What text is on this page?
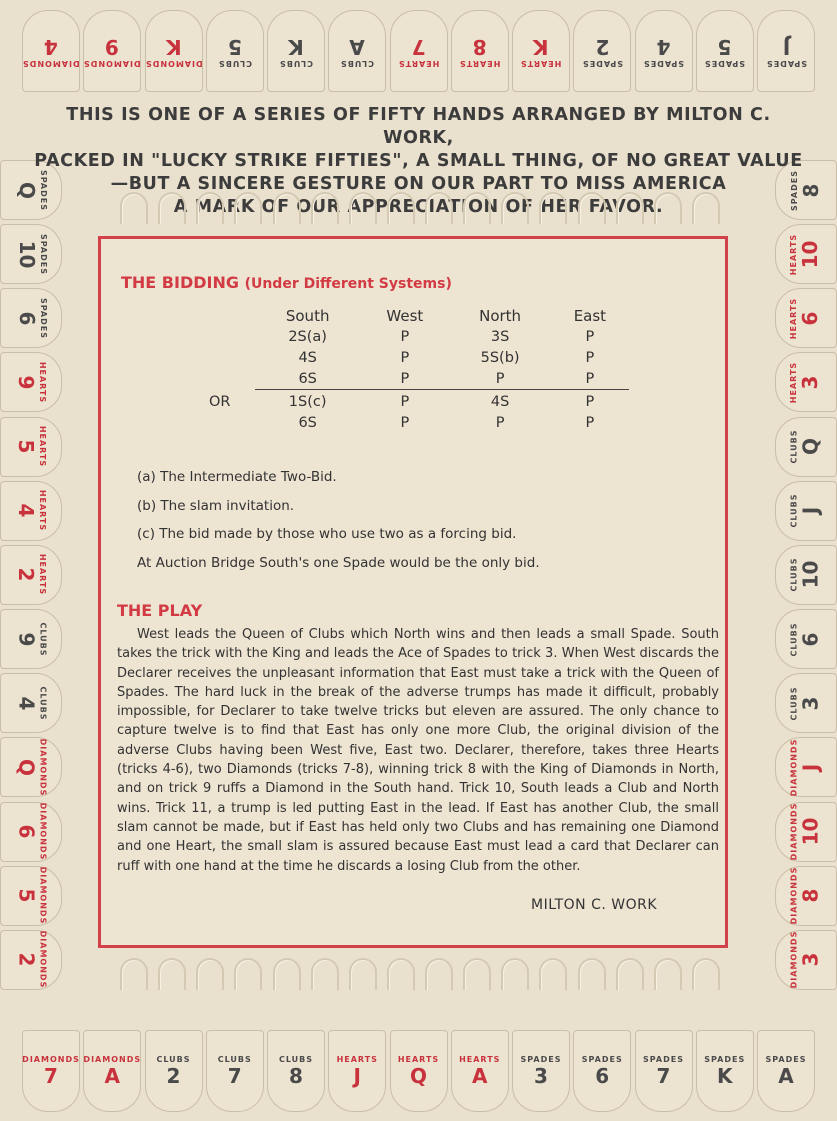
DIAMONDS
4
DIAMONDS
9
DIAMONDS
K
CLUBS
5
CLUBS
K
CLUBS
A
HEARTS
7
HEARTS
8
HEARTS
K
SPADES
2
SPADES
4
SPADES
5
SPADES
J
SPADES
Q
SPADES
10
SPADES
6
HEARTS
9
HEARTS
5
HEARTS
4
HEARTS
2
CLUBS
9
CLUBS
4
DIAMONDS
Q
DIAMONDS
6
DIAMONDS
5
DIAMONDS
2
SPADES 8
HEARTS 10
HEARTS 6
HEARTS 3
CLUBS Q
CLUBS J
CLUBS 10
CLUBS 6
CLUBS 3
DIAMONDS J
DIAMONDS 10
DIAMONDS 8
DIAMONDS 3
DIAMONDS
7
DIAMONDS
A
CLUBS
2
CLUBS
7
CLUBS
8
HEARTS
J
HEARTS
Q
HEARTS
A
SPADES
3
SPADES
6
SPADES
7
SPADES
K
SPADES
A
THIS IS ONE OF A SERIES OF FIFTY HANDS ARRANGED BY MILTON C. WORK,
PACKED IN "LUCKY STRIKE FIFTIES", A SMALL THING, OF NO GREAT VALUE
—BUT A SINCERE GESTURE ON OUR PART TO MISS AMERICA
A MARK OF OUR APPRECIATION OF HER FAVOR.
THE BIDDING (Under Different Systems)
	South	West	North	East
	2S(a)	P	3S	P
	4S	P	5S(b)	P
	6S	P	P	P

OR	1S(c)	P	4S	P
	6S	P	P	P
(a) The Intermediate Two-Bid.
(b) The slam invitation.
(c) The bid made by those who use two as a forcing bid.
At Auction Bridge South's one Spade would be the only bid.
THE PLAY
West leads the Queen of Clubs which North wins and then leads a small Spade. South takes the trick with the King and leads the Ace of Spades to trick 3. When West discards the Declarer receives the unpleasant information that East must take a trick with the Queen of Spades. The hard luck in the break of the adverse trumps has made it difficult, probably impossible, for Declarer to take twelve tricks but eleven are assured. The only chance to capture twelve is to find that East has only one more Club, the original division of the adverse Clubs having been West five, East two. Declarer, therefore, takes three Hearts (tricks 4-6), two Diamonds (tricks 7-8), winning trick 8 with the King of Diamonds in North, and on trick 9 ruffs a Diamond in the South hand. Trick 10, South leads a Club and North wins. Trick 11, a trump is led putting East in the lead. If East has another Club, the small slam cannot be made, but if East has held only two Clubs and has remaining one Diamond and one Heart, the small slam is assured because East must lead a card that Declarer can ruff with one hand at the time he discards a losing Club from the other.
MILTON C. WORK
